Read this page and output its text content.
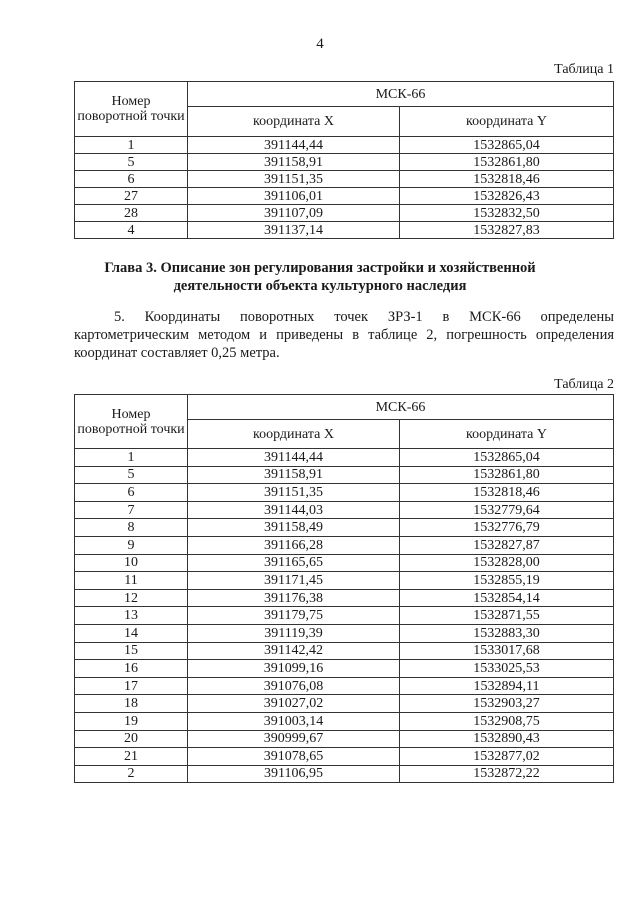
4
Таблица 1
Номер поворотной точки	МСК-66	
	координата X	координата Y
1	391144,44	1532865,04
5	391158,91	1532861,80
6	391151,35	1532818,46
27	391106,01	1532826,43
28	391107,09	1532832,50
4	391137,14	1532827,83
Глава 3. Описание зон регулирования застройки и хозяйственной деятельности объекта культурного наследия
5. Координаты поворотных точек ЗРЗ-1 в МСК-66 определены картометрическим методом и приведены в таблице 2, погрешность определения координат составляет 0,25 метра.
Таблица 2
Номер поворотной точки	МСК-66	
	координата X	координата Y
1	391144,44	1532865,04
5	391158,91	1532861,80
6	391151,35	1532818,46
7	391144,03	1532779,64
8	391158,49	1532776,79
9	391166,28	1532827,87
10	391165,65	1532828,00
11	391171,45	1532855,19
12	391176,38	1532854,14
13	391179,75	1532871,55
14	391119,39	1532883,30
15	391142,42	1533017,68
16	391099,16	1533025,53
17	391076,08	1532894,11
18	391027,02	1532903,27
19	391003,14	1532908,75
20	390999,67	1532890,43
21	391078,65	1532877,02
2	391106,95	1532872,22
